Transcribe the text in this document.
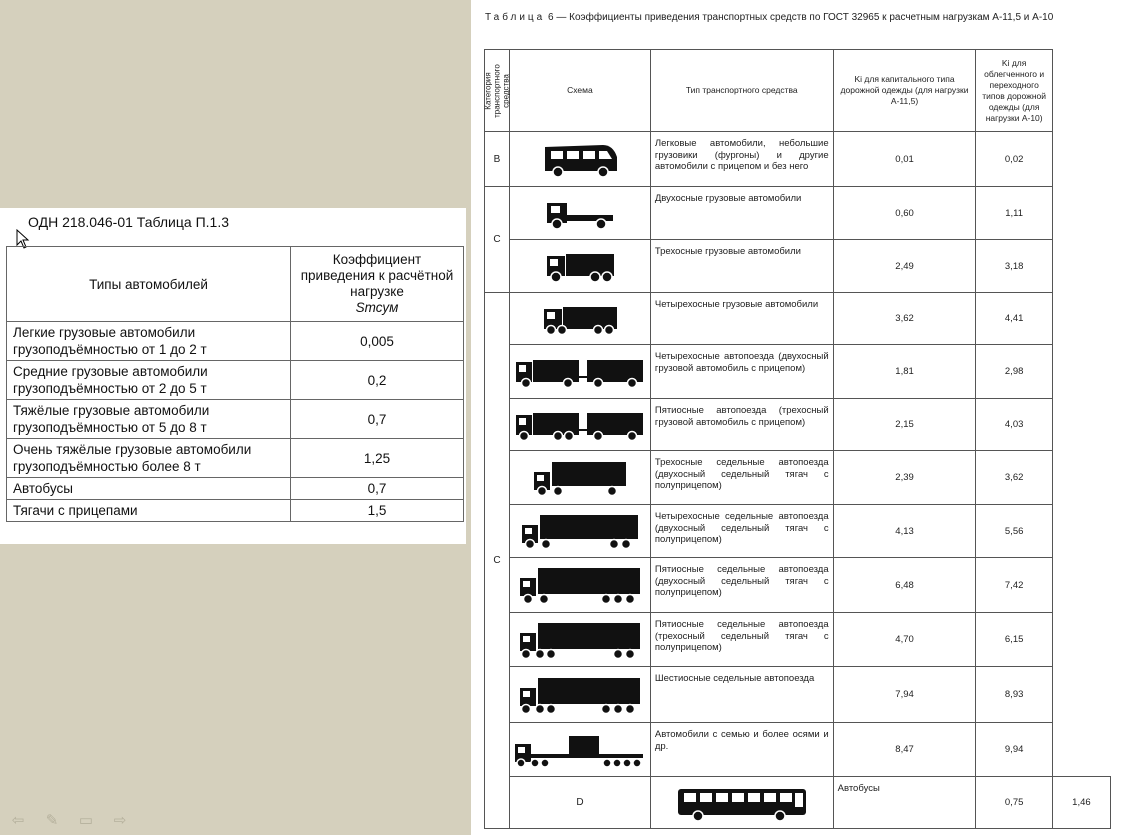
ОДН 218.046-01 Таблица П.1.3
Типы автомобилей	Коэффициент приведения к расчётной нагрузке
Sтсум
Легкие грузовые автомобили грузоподъёмностью от 1 до 2 т	0,005
Средние грузовые автомобили грузоподъёмностью от 2 до 5 т	0,2
Тяжёлые грузовые автомобили грузоподъёмностью от 5 до 8 т	0,7
Очень тяжёлые грузовые автомобили грузоподъёмностью более 8 т	1,25
Автобусы	0,7
Тягачи с прицепами	1,5
Таблица 6 — Коэффициенты приведения транспортных средств по ГОСТ 32965 к расчетным нагрузкам А-11,5 и А-10
Категория транспортного средства	Схема	Тип транспортного средства	Ki для капитального типа дорожной одежды (для нагрузки А-11,5)	Ki для облегченного и переходного типов дорожной одежды (для нагрузки А-10)	
В		Легковые автомобили, небольшие грузовики (фургоны) и другие автомобили с прицепом и без него	0,01	0,02	
С		Двухосные грузовые автомобили	0,60	1,11	

	Трехосные грузовые автомобили	2,49	3,18	
С		Четырехосные грузовые автомобили	3,62	4,41	

	Четырехосные автопоезда (двухосный грузовой автомобиль с прицепом)	1,81	2,98	

	Пятиосные автопоезда (трехосный грузовой автомобиль с прицепом)	2,15	4,03	

	Трехосные седельные автопоезда (двухосный седельный тягач с полуприцепом)	2,39	3,62	

	Четырехосные седельные автопоезда (двухосный седельный тягач с полуприцепом)	4,13	5,56	

	Пятиосные седельные автопоезда (двухосный седельный тягач с полуприцепом)	6,48	7,42	

	Пятиосные седельные автопоезда (трехосный седельный тягач с полуприцепом)	4,70	6,15	

	Шестиосные седельные автопоезда	7,94	8,93	

	Автомобили с семью и более осями и др.	8,47	9,94	
	D		Автобусы	0,75	1,46
⇦	✎	▭	⇨
